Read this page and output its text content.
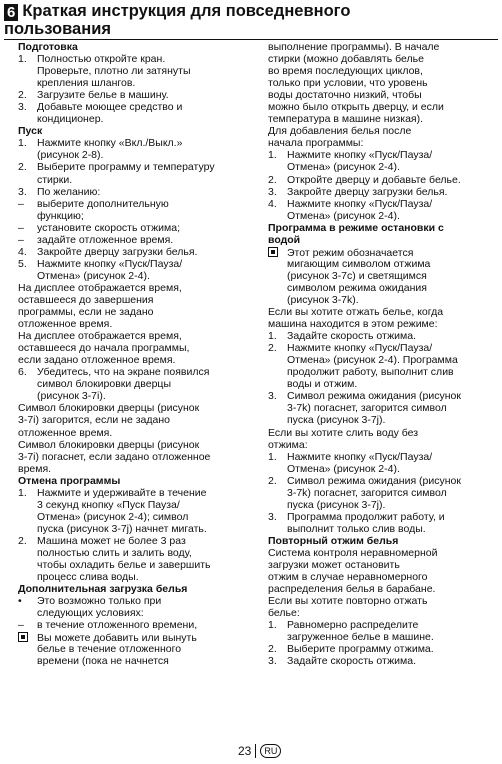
6 Краткая инструкция для повседневного
пользования
Подготовка
1. Полностью откройте кран.
Проверьте, плотно ли затянуты
крепления шлангов.
2. Загрузите белье в машину.
3. Добавьте моющее средство и
кондиционер.
Пуск
1. Нажмите кнопку «Вкл./Выкл.»
(рисунок 2-8).
2. Выберите программу и температуру
стирки.
3. По желанию:
– выберите дополнительную
функцию;
– установите скорость отжима;
– задайте отложенное время.
4. Закройте дверцу загрузки белья.
5. Нажмите кнопку «Пуск/Пауза/
Отмена» (рисунок 2-4).
На дисплее отображается время,
оставшееся до завершения
программы, если не задано
отложенное время.
На дисплее отображается время,
оставшееся до начала программы,
если задано отложенное время.
6. Убедитесь, что на экране появился
символ блокировки дверцы
(рисунок 3-7i).
Символ блокировки дверцы (рисунок
3-7i) загорится, если не задано
отложенное время.
Символ блокировки дверцы (рисунок
3-7i) погаснет, если задано отложенное
время.
Отмена программы
1. Нажмите и удерживайте в течение
3 секунд кнопку «Пуск Пауза/
Отмена» (рисунок 2-4); символ
пуска (рисунок 3-7j) начнет мигать.
2. Машина может не более 3 раз
полностью слить и залить воду,
чтобы охладить белье и завершить
процесс слива воды.
Дополнительная загрузка белья
• Это возможно только при
следующих условиях:
– в течение отложенного времени,
Вы можете добавить или вынуть
белье в течение отложенного
времени (пока не начнется
выполнение программы). В начале
стирки (можно добавлять белье
во время последующих циклов,
только при условии, что уровень
воды достаточно низкий, чтобы
можно было открыть дверцу, и если
температура в машине низкая).
Для добавления белья после
начала программы:
1. Нажмите кнопку «Пуск/Пауза/
Отмена» (рисунок 2-4).
2. Откройте дверцу и добавьте белье.
3. Закройте дверцу загрузки белья.
4. Нажмите кнопку «Пуск/Пауза/
Отмена» (рисунок 2-4).
Программа в режиме остановки с
водой
Этот режим обозначается
мигающим символом отжима
(рисунок 3-7c) и светящимся
символом режима ожидания
(рисунок 3-7k).
Если вы хотите отжать белье, когда
машина находится в этом режиме:
1. Задайте скорость отжима.
2. Нажмите кнопку «Пуск/Пауза/
Отмена» (рисунок 2-4). Программа
продолжит работу, выполнит слив
воды и отжим.
3. Символ режима ожидания (рисунок
3-7k) погаснет, загорится символ
пуска (рисунок 3-7j).
Если вы хотите слить воду без
отжима:
1. Нажмите кнопку «Пуск/Пауза/
Отмена» (рисунок 2-4).
2. Символ режима ожидания (рисунок
3-7k) погаснет, загорится символ
пуска (рисунок 3-7j).
3. Программа продолжит работу, и
выполнит только слив воды.
Повторный отжим белья
Система контроля неравномерной
загрузки может остановить
отжим в случае неравномерного
распределения белья в барабане.
Если вы хотите повторно отжать
белье:
1. Равномерно распределите
загруженное белье в машине.
2. Выберите программу отжима.
3. Задайте скорость отжима.
23 RU
